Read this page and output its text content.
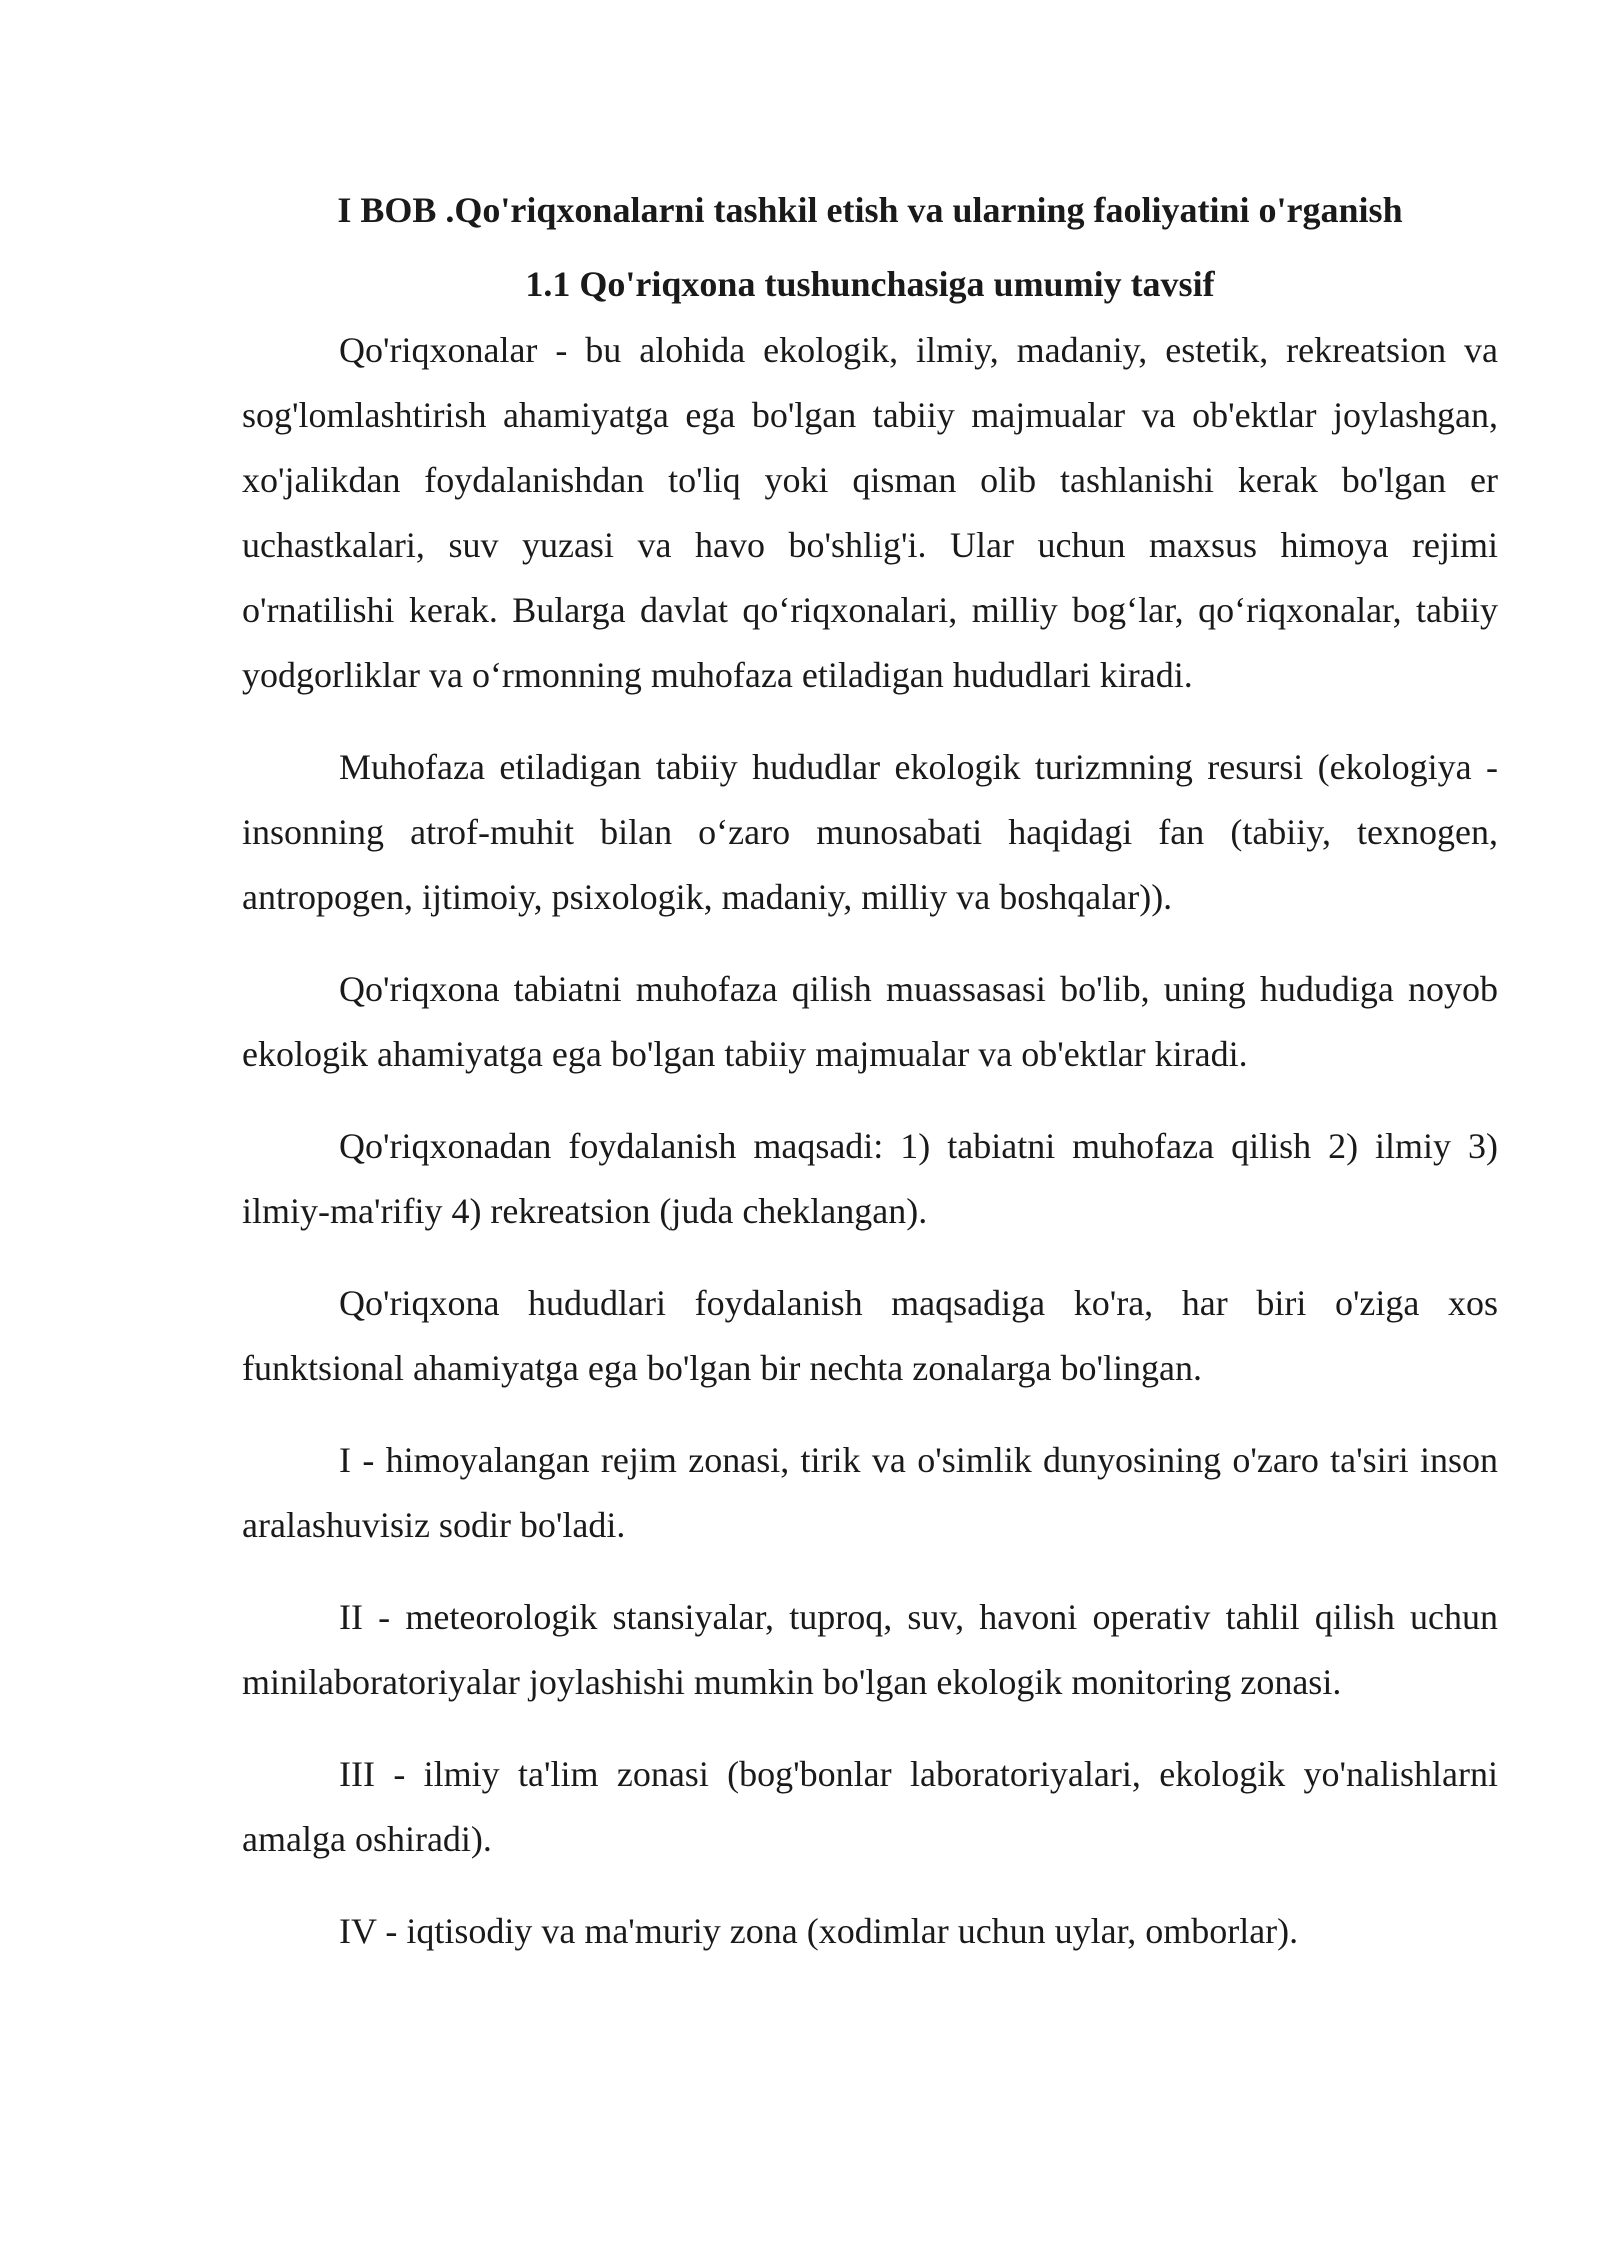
I BOB .Qo'riqxonalarni tashkil etish va ularning faoliyatini o'rganish
1.1 Qo'riqxona tushunchasiga umumiy tavsif

Qo'riqxonalar - bu alohida ekologik, ilmiy, madaniy, estetik, rekreatsion va sog'lomlashtirish ahamiyatga ega bo'lgan tabiiy majmualar va ob'ektlar joylashgan, xo'jalikdan foydalanishdan to'liq yoki qisman olib tashlanishi kerak bo'lgan er uchastkalari, suv yuzasi va havo bo'shlig'i. Ular uchun maxsus himoya rejimi o'rnatilishi kerak. Bularga davlat qo‘riqxonalari, milliy bog‘lar, qo‘riqxonalar, tabiiy yodgorliklar va o‘rmonning muhofaza etiladigan hududlari kiradi.

Muhofaza etiladigan tabiiy hududlar ekologik turizmning resursi (ekologiya - insonning atrof-muhit bilan o‘zaro munosabati haqidagi fan (tabiiy, texnogen, antropogen, ijtimoiy, psixologik, madaniy, milliy va boshqalar)).

Qo'riqxona tabiatni muhofaza qilish muassasasi bo'lib, uning hududiga noyob ekologik ahamiyatga ega bo'lgan tabiiy majmualar va ob'ektlar kiradi.

Qo'riqxonadan foydalanish maqsadi: 1) tabiatni muhofaza qilish 2) ilmiy 3) ilmiy-ma'rifiy 4) rekreatsion (juda cheklangan).

Qo'riqxona hududlari foydalanish maqsadiga ko'ra, har biri o'ziga xos funktsional ahamiyatga ega bo'lgan bir nechta zonalarga bo'lingan.

I - himoyalangan rejim zonasi, tirik va o'simlik dunyosining o'zaro ta'siri inson aralashuvisiz sodir bo'ladi.

II - meteorologik stansiyalar, tuproq, suv, havoni operativ tahlil qilish uchun minilaboratoriyalar joylashishi mumkin bo'lgan ekologik monitoring zonasi.

III - ilmiy ta'lim zonasi (bog'bonlar laboratoriyalari, ekologik yo'nalishlarni amalga oshiradi).

IV - iqtisodiy va ma'muriy zona (xodimlar uchun uylar, omborlar).
